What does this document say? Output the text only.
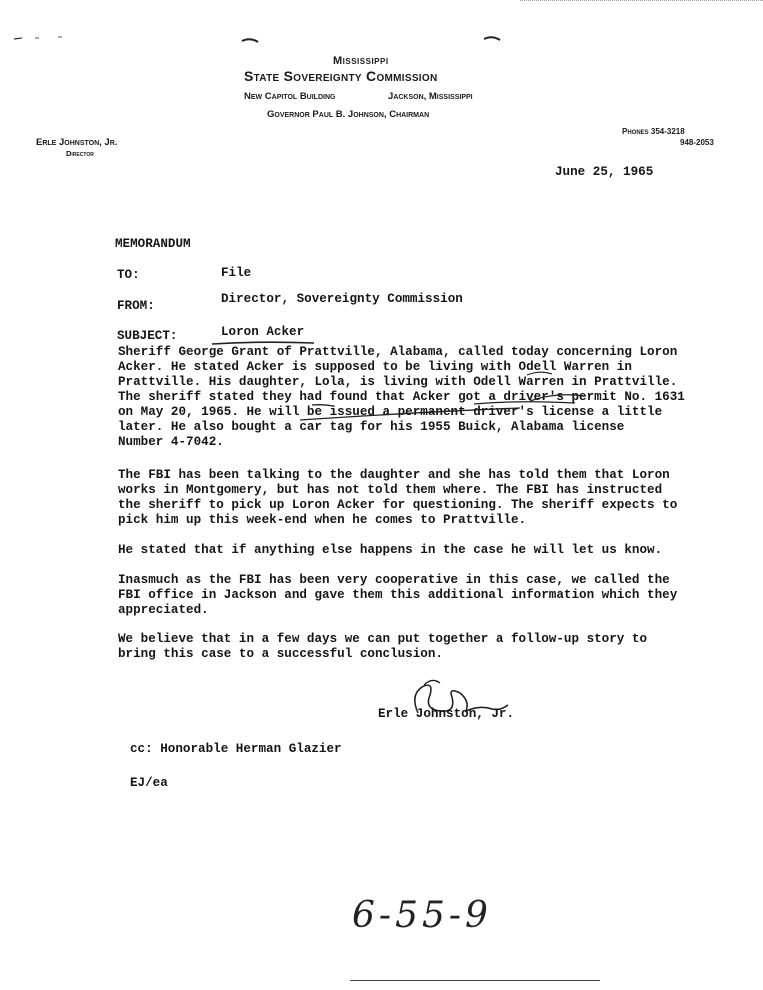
Mississippi
State Sovereignty Commission
New Capitol Building	Jackson, Mississippi
Governor Paul B. Johnson, Chairman
Erle Johnston, Jr.
Director
Phones 354-3218
948-2053
June 25, 1965
MEMORANDUM
TO:	File
FROM:	Director, Sovereignty Commission
SUBJECT:	Loron Acker
Sheriff George Grant of Prattville, Alabama, called today concerning Loron
Acker. He stated Acker is supposed to be living with Odell Warren in
Prattville. His daughter, Lola, is living with Odell Warren in Prattville.
The sheriff stated they had found that Acker got a driver's permit No. 1631
on May 20, 1965. He will be issued a permanent driver's license a little
later. He also bought a car tag for his 1955 Buick, Alabama license
Number 4-7042.
The FBI has been talking to the daughter and she has told them that Loron
works in Montgomery, but has not told them where. The FBI has instructed
the sheriff to pick up Loron Acker for questioning. The sheriff expects to
pick him up this week-end when he comes to Prattville.
He stated that if anything else happens in the case he will let us know.
Inasmuch as the FBI has been very cooperative in this case, we called the
FBI office in Jackson and gave them this additional information which they
appreciated.
We believe that in a few days we can put together a follow-up story to
bring this case to a successful conclusion.
Erle Johnston, Jr.
cc: Honorable Herman Glazier
EJ/ea
6-55-9
